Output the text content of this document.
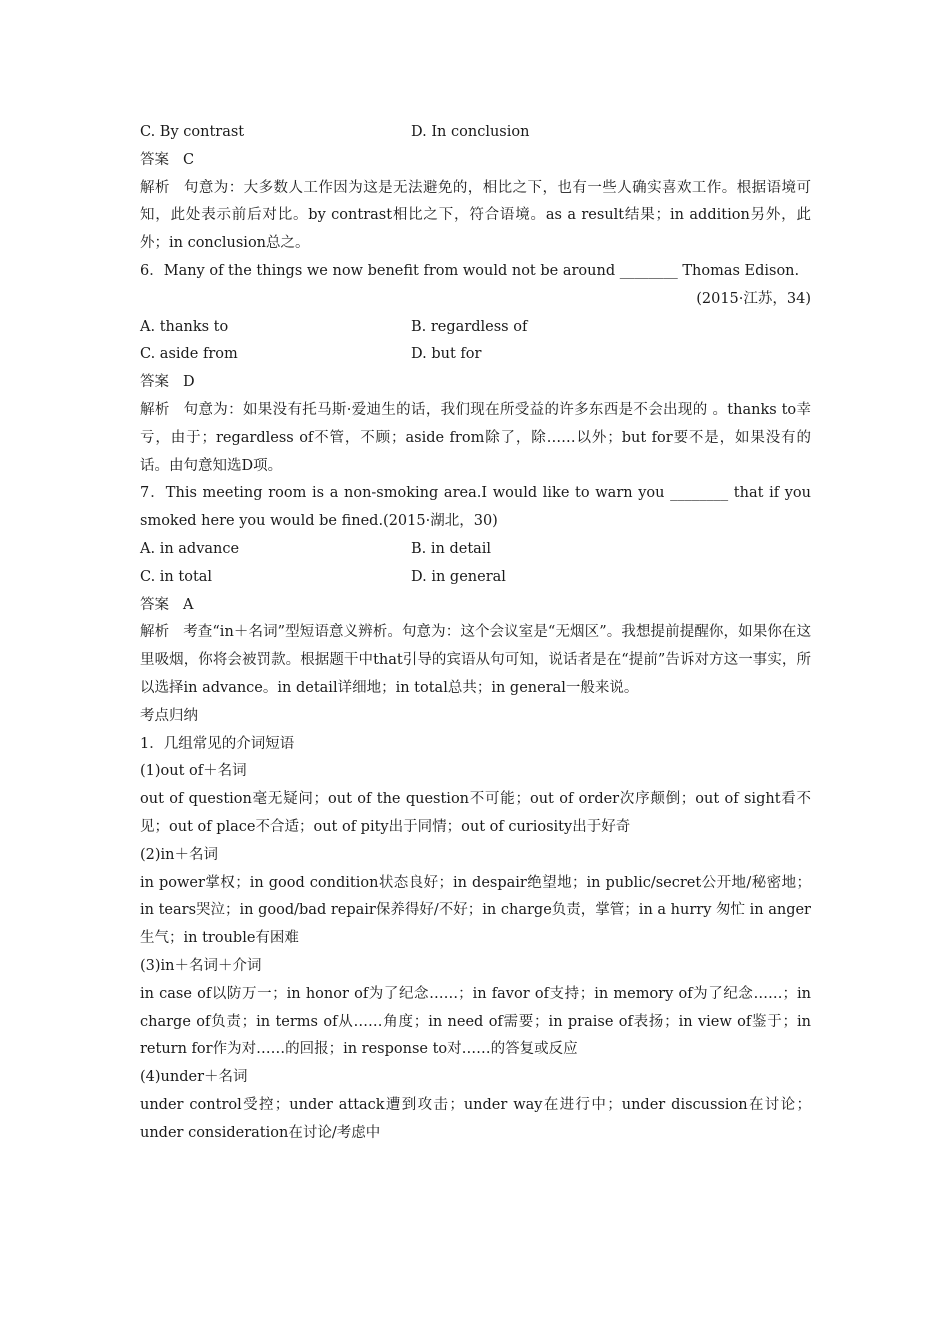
C. By contrast	D. In conclusion
答案 C
解析 句意为：大多数人工作因为这是无法避免的，相比之下，也有一些人确实喜欢工作。根据语境可知，此处表示前后对比。by contrast相比之下，符合语境。as a result结果；in addition另外，此外；in conclusion总之。
6．Many of the things we now benefit from would not be around ________ Thomas Edison.
(2015·江苏，34)
A. thanks to	B. regardless of
C. aside from	D. but for
答案 D
解析 句意为：如果没有托马斯·爱迪生的话，我们现在所受益的许多东西是不会出现的 。thanks to幸亏，由于；regardless of不管，不顾；aside from除了，除……以外；but for要不是，如果没有的话。由句意知选D项。
7．This meeting room is a non-smoking area.I would like to warn you ________ that if you smoked here you would be fined.(2015·湖北，30)
A. in advance	B. in detail
C. in total	D. in general
答案 A
解析 考查“in＋名词”型短语意义辨析。句意为：这个会议室是“无烟区”。我想提前提醒你，如果你在这里吸烟，你将会被罚款。根据题干中that引导的宾语从句可知，说话者是在“提前”告诉对方这一事实，所以选择in advance。in detail详细地；in total总共；in general一般来说。
考点归纳
1．几组常见的介词短语
(1)out of＋名词
out of question毫无疑问；out of the question不可能；out of order次序颠倒；out of sight看不见；out of place不合适；out of pity出于同情；out of curiosity出于好奇
(2)in＋名词
in power掌权；in good condition状态良好；in despair绝望地；in public/secret公开地/秘密地；in tears哭泣；in good/bad repair保养得好/不好；in charge负责，掌管；in a hurry 匆忙 in anger生气；in trouble有困难
(3)in＋名词＋介词
in case of以防万一；in honor of为了纪念……；in favor of支持；in memory of为了纪念……；in charge of负责；in terms of从……角度；in need of需要；in praise of表扬；in view of鉴于；in return for作为对……的回报；in response to对……的答复或反应
(4)under＋名词
under control受控；under attack遭到攻击；under way在进行中；under discussion在讨论；under consideration在讨论/考虑中
